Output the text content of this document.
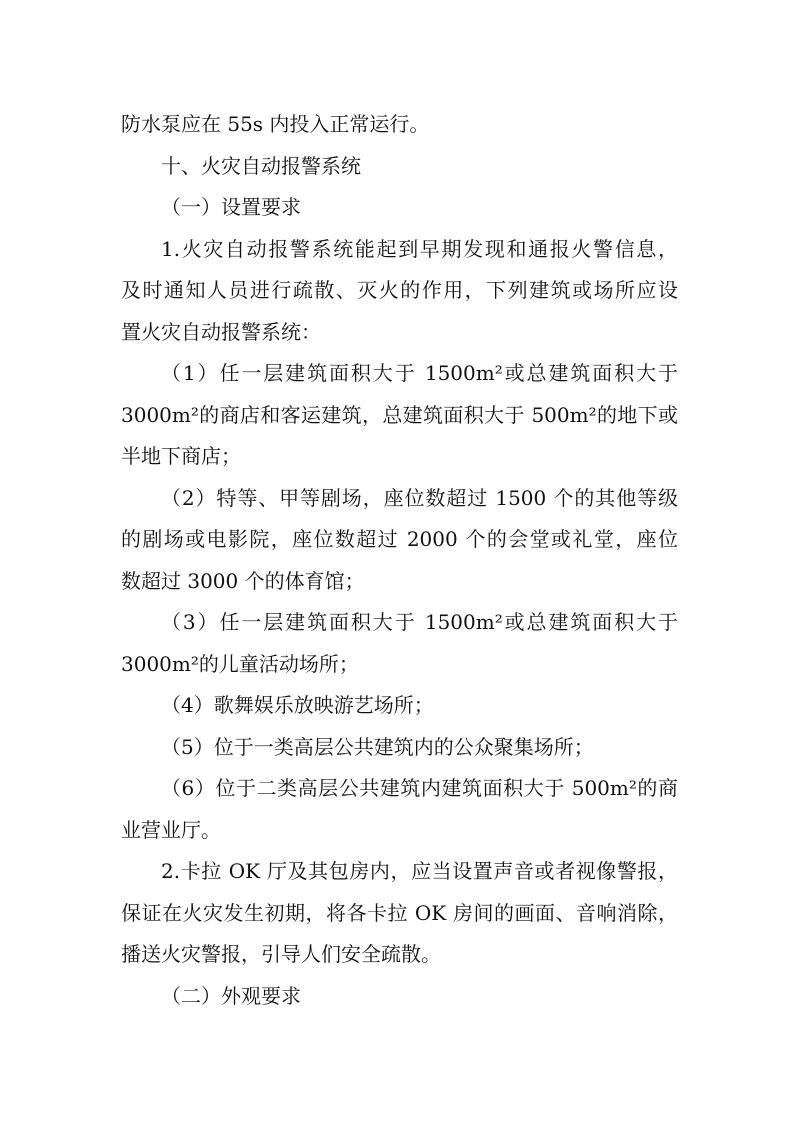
防水泵应在 55s 内投入正常运行。
十、火灾自动报警系统
（一）设置要求
1.火灾自动报警系统能起到早期发现和通报火警信息，
及时通知人员进行疏散、灭火的作用，下列建筑或场所应设
置火灾自动报警系统：
（1）任一层建筑面积大于 1500m²或总建筑面积大于
3000m²的商店和客运建筑，总建筑面积大于 500m²的地下或
半地下商店；
（2）特等、甲等剧场，座位数超过 1500 个的其他等级
的剧场或电影院，座位数超过 2000 个的会堂或礼堂，座位
数超过 3000 个的体育馆；
（3）任一层建筑面积大于 1500m²或总建筑面积大于
3000m²的儿童活动场所；
（4）歌舞娱乐放映游艺场所；
（5）位于一类高层公共建筑内的公众聚集场所；
（6）位于二类高层公共建筑内建筑面积大于 500m²的商
业营业厅。
2.卡拉 OK 厅及其包房内，应当设置声音或者视像警报，
保证在火灾发生初期，将各卡拉 OK 房间的画面、音响消除，
播送火灾警报，引导人们安全疏散。
（二）外观要求
